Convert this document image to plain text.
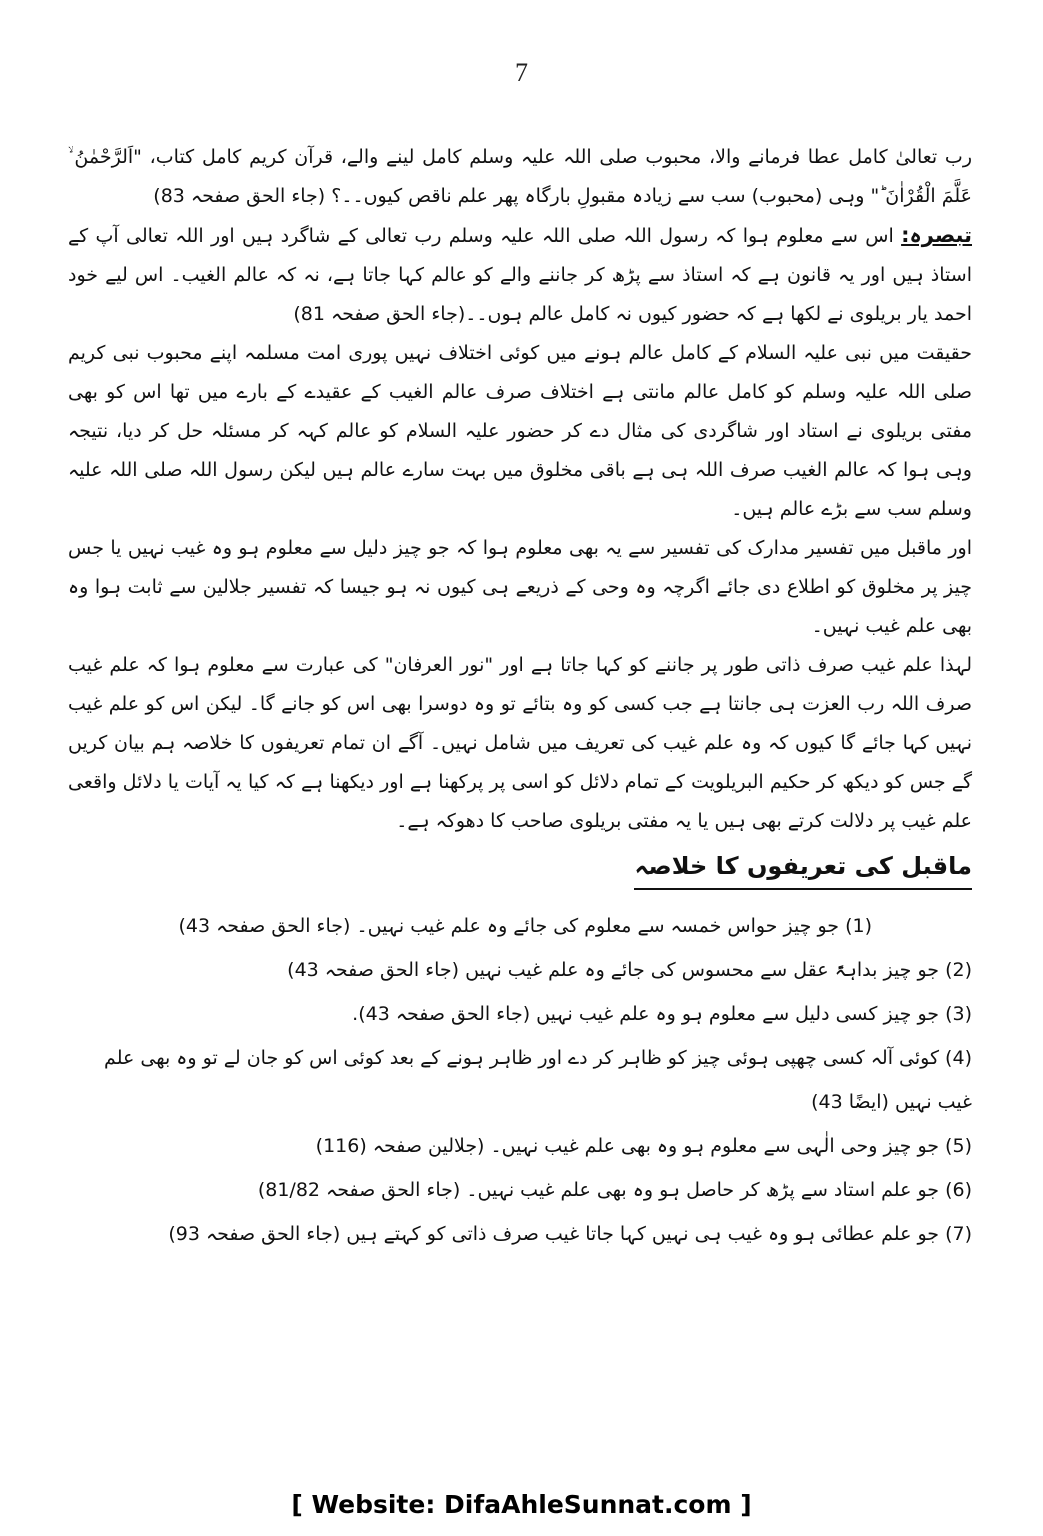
7

رب تعالیٰ کامل عطا فرمانے والا، محبوب صلی اللہ علیہ وسلم کامل لینے والے، قرآن کریم کامل کتاب، "اَلرَّحْمٰنُ ۙ عَلَّمَ الْقُرْاٰنَ ؕ" وہی (محبوب) سب سے زیادہ مقبولِ بارگاہ پھر علم ناقص کیوں۔۔؟ (جاء الحق صفحہ 83)

تبصرہ: اس سے معلوم ہوا کہ رسول اللہ صلی اللہ علیہ وسلم رب تعالی کے شاگرد ہیں اور اللہ تعالی آپ کے استاذ ہیں اور یہ قانون ہے کہ استاذ سے پڑھ کر جاننے والے کو عالم کہا جاتا ہے، نہ کہ عالم الغیب۔ اس لیے خود احمد یار بریلوی نے لکھا ہے کہ حضور کیوں نہ کامل عالم ہوں۔۔(جاء الحق صفحہ 81)

حقیقت میں نبی علیہ السلام کے کامل عالم ہونے میں کوئی اختلاف نہیں پوری امت مسلمہ اپنے محبوب نبی کریم صلی اللہ علیہ وسلم کو کامل عالم مانتی ہے اختلاف صرف عالم الغیب کے عقیدے کے بارے میں تھا اس کو بھی مفتی بریلوی نے استاد اور شاگردی کی مثال دے کر حضور علیہ السلام کو عالم کہہ کر مسئلہ حل کر دیا، نتیجہ وہی ہوا کہ عالم الغیب صرف اللہ ہی ہے باقی مخلوق میں بہت سارے عالم ہیں لیکن رسول اللہ صلی اللہ علیہ وسلم سب سے بڑے عالم ہیں۔

اور ماقبل میں تفسیر مدارک کی تفسیر سے یہ بھی معلوم ہوا کہ جو چیز دلیل سے معلوم ہو وہ غیب نہیں یا جس چیز پر مخلوق کو اطلاع دی جائے اگرچہ وہ وحی کے ذریعے ہی کیوں نہ ہو جیسا کہ تفسیر جلالین سے ثابت ہوا وہ بھی علم غیب نہیں۔

لہذا علم غیب صرف ذاتی طور پر جاننے کو کہا جاتا ہے اور "نور العرفان" کی عبارت سے معلوم ہوا کہ علم غیب صرف اللہ رب العزت ہی جانتا ہے جب کسی کو وہ بتائے تو وہ دوسرا بھی اس کو جانے گا۔ لیکن اس کو علم غیب نہیں کہا جائے گا کیوں کہ وہ علم غیب کی تعریف میں شامل نہیں۔ آگے ان تمام تعریفوں کا خلاصہ ہم بیان کریں گے جس کو دیکھ کر حکیم البریلویت کے تمام دلائل کو اسی پر پرکھنا ہے اور دیکھنا ہے کہ کیا یہ آیات یا دلائل واقعی علم غیب پر دلالت کرتے بھی ہیں یا یہ مفتی بریلوی صاحب کا دھوکہ ہے۔

ماقبل کی تعریفوں کا خلاصہ

(1) جو چیز حواس خمسہ سے معلوم کی جائے وہ علم غیب نہیں۔ (جاء الحق صفحہ 43)

(2) جو چیز بداہۃً عقل سے محسوس کی جائے وہ علم غیب نہیں (جاء الحق صفحہ 43)

(3) جو چیز کسی دلیل سے معلوم ہو وہ علم غیب نہیں (جاء الحق صفحہ 43).

(4) کوئی آلہ کسی چھپی ہوئی چیز کو ظاہر کر دے اور ظاہر ہونے کے بعد کوئی اس کو جان لے تو وہ بھی علم غیب نہیں (ایضًا 43)

(5) جو چیز وحی الٰہی سے معلوم ہو وہ بھی علم غیب نہیں۔ (جلالین صفحہ (116)

(6) جو علم استاد سے پڑھ کر حاصل ہو وہ بھی علم غیب نہیں۔ (جاء الحق صفحہ 81/82)

(7) جو علم عطائی ہو وہ غیب ہی نہیں کہا جاتا غیب صرف ذاتی کو کہتے ہیں (جاء الحق صفحہ 93)

[ Website: DifaAhleSunnat.com ]
